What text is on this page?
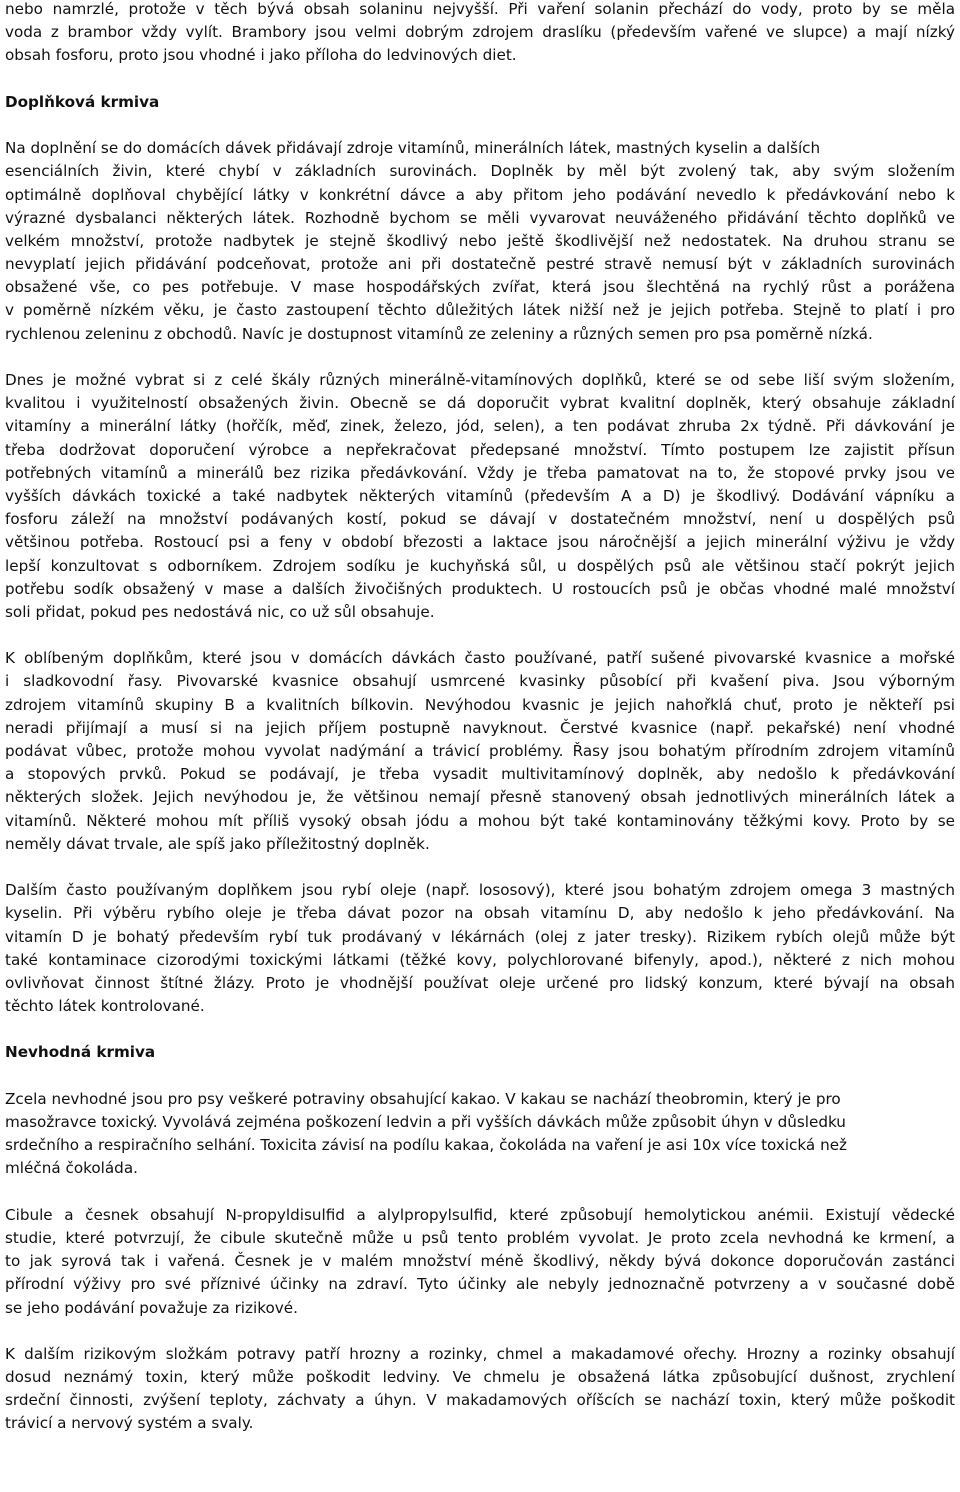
nebo namrzlé, protože v těch bývá obsah solaninu nejvyšší. Při vaření solanin přechází do vody, proto by se měla
voda z brambor vždy vylít. Brambory jsou velmi dobrým zdrojem draslíku (především vařené ve slupce) a mají nízký
obsah fosforu, proto jsou vhodné i jako příloha do ledvinových diet.
Doplňková krmiva
Na doplnění se do domácích dávek přidávají zdroje vitamínů, minerálních látek, mastných kyselin a dalších
esenciálních živin, které chybí v základních surovinách. Doplněk by měl být zvolený tak, aby svým složením
optimálně doplňoval chybějící látky v konkrétní dávce a aby přitom jeho podávání nevedlo k předávkování nebo k
výrazné dysbalanci některých látek. Rozhodně bychom se měli vyvarovat neuváženého přidávání těchto doplňků ve
velkém množství, protože nadbytek je stejně škodlivý nebo ještě škodlivější než nedostatek. Na druhou stranu se
nevyplatí jejich přidávání podceňovat, protože ani při dostatečně pestré stravě nemusí být v základních surovinách
obsažené vše, co pes potřebuje. V mase hospodářských zvířat, která jsou šlechtěná na rychlý růst a porážena
v poměrně nízkém věku, je často zastoupení těchto důležitých látek nižší než je jejich potřeba. Stejně to platí i pro
rychlenou zeleninu z obchodů. Navíc je dostupnost vitamínů ze zeleniny a různých semen pro psa poměrně nízká.
Dnes je možné vybrat si z celé škály různých minerálně-vitamínových doplňků, které se od sebe liší svým složením,
kvalitou i využitelností obsažených živin. Obecně se dá doporučit vybrat kvalitní doplněk, který obsahuje základní
vitamíny a minerální látky (hořčík, měď, zinek, železo, jód, selen), a ten podávat zhruba 2x týdně. Při dávkování je
třeba dodržovat doporučení výrobce a nepřekračovat předepsané množství. Tímto postupem lze zajistit přísun
potřebných vitamínů a minerálů bez rizika předávkování. Vždy je třeba pamatovat na to, že stopové prvky jsou ve
vyšších dávkách toxické a také nadbytek některých vitamínů (především A a D) je škodlivý. Dodávání vápníku a
fosforu záleží na množství podávaných kostí, pokud se dávají v dostatečném množství, není u dospělých psů
většinou potřeba. Rostoucí psi a feny v období březosti a laktace jsou náročnější a jejich minerální výživu je vždy
lepší konzultovat s odborníkem. Zdrojem sodíku je kuchyňská sůl, u dospělých psů ale většinou stačí pokrýt jejich
potřebu sodík obsažený v mase a dalších živočišných produktech. U rostoucích psů je občas vhodné malé množství
soli přidat, pokud pes nedostává nic, co už sůl obsahuje.
K oblíbeným doplňkům, které jsou v domácích dávkách často používané, patří sušené pivovarské kvasnice a mořské
i sladkovodní řasy. Pivovarské kvasnice obsahují usmrcené kvasinky působící při kvašení piva. Jsou výborným
zdrojem vitamínů skupiny B a kvalitních bílkovin. Nevýhodou kvasnic je jejich nahořklá chuť, proto je někteří psi
neradi přijímají a musí si na jejich příjem postupně navyknout. Čerstvé kvasnice (např. pekařské) není vhodné
podávat vůbec, protože mohou vyvolat nadýmání a trávicí problémy. Řasy jsou bohatým přírodním zdrojem vitamínů
a stopových prvků. Pokud se podávají, je třeba vysadit multivitamínový doplněk, aby nedošlo k předávkování
některých složek. Jejich nevýhodou je, že většinou nemají přesně stanovený obsah jednotlivých minerálních látek a
vitamínů. Některé mohou mít příliš vysoký obsah jódu a mohou být také kontaminovány těžkými kovy. Proto by se
neměly dávat trvale, ale spíš jako příležitostný doplněk.
Dalším často používaným doplňkem jsou rybí oleje (např. lososový), které jsou bohatým zdrojem omega 3 mastných
kyselin. Při výběru rybího oleje je třeba dávat pozor na obsah vitamínu D, aby nedošlo k jeho předávkování. Na
vitamín D je bohatý především rybí tuk prodávaný v lékárnách (olej z jater tresky). Rizikem rybích olejů může být
také kontaminace cizorodými toxickými látkami (těžké kovy, polychlorované bifenyly, apod.), některé z nich mohou
ovlivňovat činnost štítné žlázy. Proto je vhodnější používat oleje určené pro lidský konzum, které bývají na obsah
těchto látek kontrolované.
Nevhodná krmiva
Zcela nevhodné jsou pro psy veškeré potraviny obsahující kakao. V kakau se nachází theobromin, který je pro
masožravce toxický. Vyvolává zejména poškození ledvin a při vyšších dávkách může způsobit úhyn v důsledku
srdečního a respiračního selhání. Toxicita závisí na podílu kakaa, čokoláda na vaření je asi 10x více toxická než
mléčná čokoláda.
Cibule a česnek obsahují N-propyldisulfid a alylpropylsulfid, které způsobují hemolytickou anémii. Existují vědecké
studie, které potvrzují, že cibule skutečně může u psů tento problém vyvolat. Je proto zcela nevhodná ke krmení, a
to jak syrová tak i vařená. Česnek je v malém množství méně škodlivý, někdy bývá dokonce doporučován zastánci
přírodní výživy pro své příznivé účinky na zdraví. Tyto účinky ale nebyly jednoznačně potvrzeny a v současné době
se jeho podávání považuje za rizikové.
K dalším rizikovým složkám potravy patří hrozny a rozinky, chmel a makadamové ořechy. Hrozny a rozinky obsahují
dosud neznámý toxin, který může poškodit ledviny. Ve chmelu je obsažená látka způsobující dušnost, zrychlení
srdeční činnosti, zvýšení teploty, záchvaty a úhyn. V makadamových oříšcích se nachází toxin, který může poškodit
trávicí a nervový systém a svaly.
